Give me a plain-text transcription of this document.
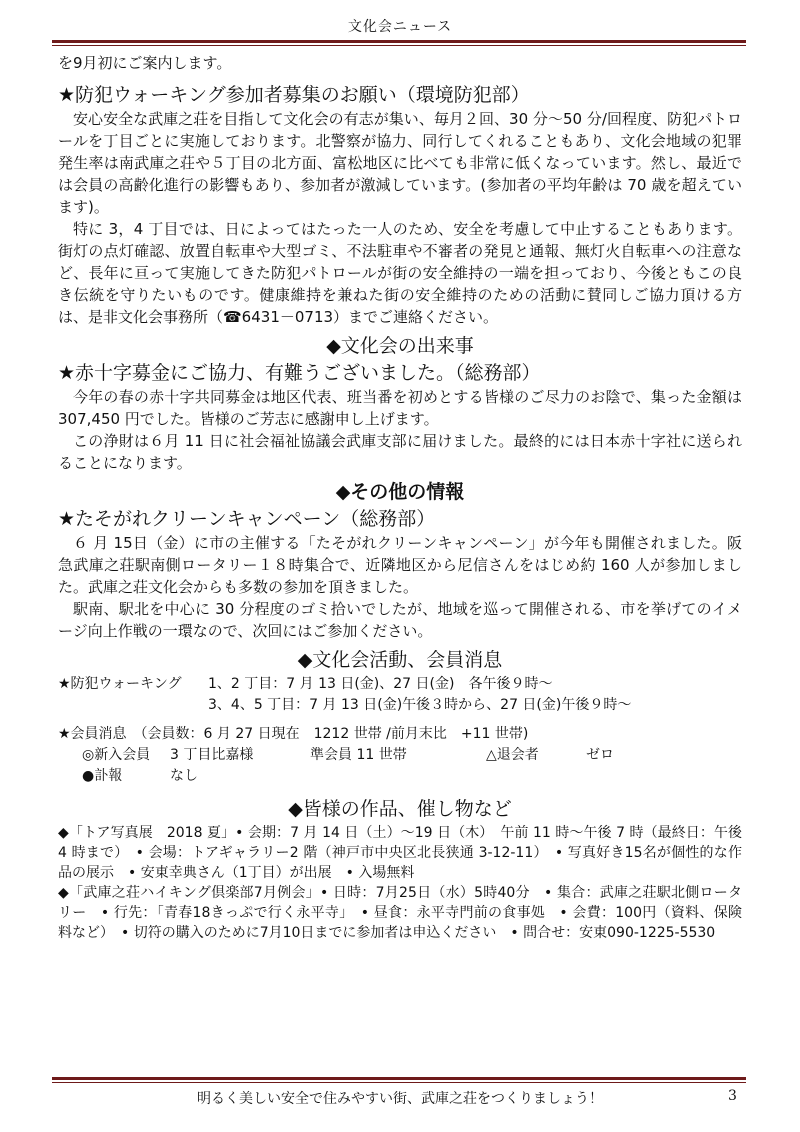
文化会ニュース

を9月初にご案内します。

★防犯ウォーキング参加者募集のお願い（環境防犯部）

安心安全な武庫之荘を目指して文化会の有志が集い、毎月２回、30 分～50 分/回程度、防犯パトロールを丁目ごとに実施しております。北警察が協力、同行してくれることもあり、文化会地域の犯罪発生率は南武庫之荘や５丁目の北方面、富松地区に比べても非常に低くなっています。然し、最近では会員の高齢化進行の影響もあり、参加者が激減しています。(参加者の平均年齢は 70 歳を超えています)。

特に 3，4 丁目では、日によってはたった一人のため、安全を考慮して中止することもあります。街灯の点灯確認、放置自転車や大型ゴミ、不法駐車や不審者の発見と通報、無灯火自転車への注意など、長年に亘って実施してきた防犯パトロールが街の安全維持の一端を担っており、今後ともこの良き伝統を守りたいものです。健康維持を兼ねた街の安全維持のための活動に賛同しご協力頂ける方は、是非文化会事務所（☎6431－0713）までご連絡ください。

◆文化会の出来事
★赤十字募金にご協力、有難うございました。（総務部）

今年の春の赤十字共同募金は地区代表、班当番を初めとする皆様のご尽力のお陰で、集った金額は 307,450 円でした。皆様のご芳志に感謝申し上げます。

この浄財は６月 11 日に社会福祉協議会武庫支部に届けました。最終的には日本赤十字社に送られることになります。

◆その他の情報
★たそがれクリーンキャンペーン（総務部）

６ 月 15日（金）に市の主催する「たそがれクリーンキャンペーン」が今年も開催されました。阪急武庫之荘駅南側ロータリー１８時集合で、近隣地区から尼信さんをはじめ約 160 人が参加しました。武庫之荘文化会からも多数の参加を頂きました。

駅南、駅北を中心に 30 分程度のゴミ拾いでしたが、地域を巡って開催される、市を挙げてのイメージ向上作戦の一環なので、次回にはご参加ください。

◆文化会活動、会員消息
★防犯ウォーキング	1、2 丁目：7 月 13 日(金)、27 日(金)　各午後９時～
3、4、5 丁目：7 月 13 日(金)午後３時から、27 日(金)午後９時～
★会員消息　（会員数：6 月 27 日現在　1212 世帯 /前月末比　+11 世帯)
◎新入会員	3 丁目比嘉様	準会員 11 世帯	△退会者	ゼロ
●訃報	なし
◆皆様の作品、催し物など

◆「トア写真展　2018 夏」• 会期：7 月 14 日（土）～19 日（木）　午前 11 時～午後 7 時（最終日：午後 4 時まで）　• 会場：トアギャラリー2 階（神戸市中央区北長狭通 3-12-11）　• 写真好き15名が個性的な作品の展示　• 安東幸典さん（1丁目）が出展　• 入場無料

◆「武庫之荘ハイキング倶楽部7月例会」• 日時：7月25日（水）5時40分　• 集合：武庫之荘駅北側ロータリー　• 行先：「青春18きっぷで行く永平寺」　• 昼食：永平寺門前の食事処　• 会費：100円（資料、保険料など）　• 切符の購入のために7月10日までに参加者は申込ください　• 問合せ：安東090-1225-5530

明るく美しい安全で住みやすい街、武庫之荘をつくりましょう！	3
